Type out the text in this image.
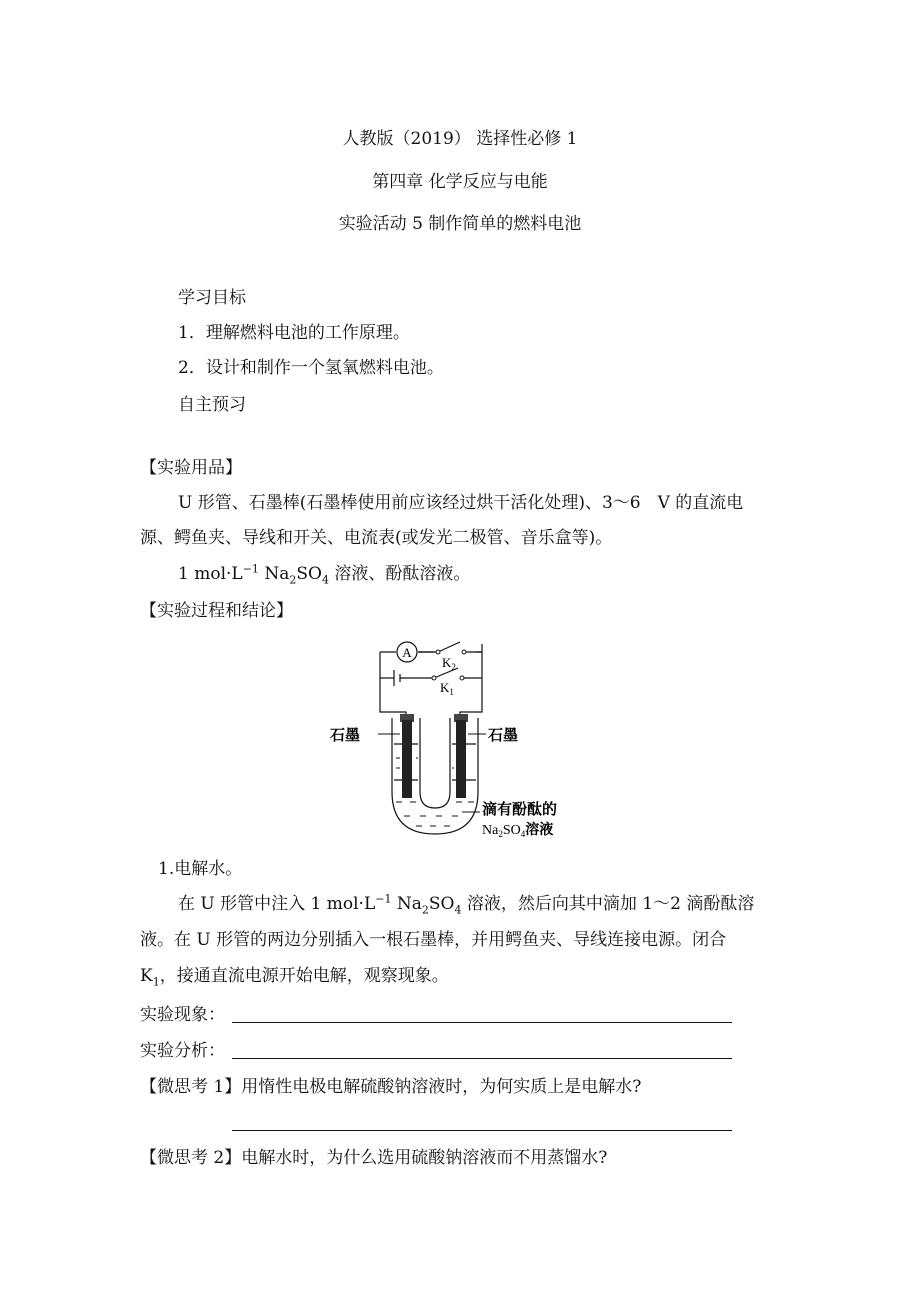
人教版（2019） 选择性必修 1
第四章 化学反应与电能
实验活动 5 制作简单的燃料电池
学习目标
1．理解燃料电池的工作原理。
2．设计和制作一个氢氧燃料电池。
自主预习
【实验用品】
U 形管、石墨棒(石墨棒使用前应该经过烘干活化处理)、3～6　V 的直流电
源、鳄鱼夹、导线和开关、电流表(或发光二极管、音乐盒等)。
1 $mol\cdot L^{-1}$ $Na_2SO_4$ 溶液、酚酞溶液。
【实验过程和结论】
A
$K_2$
$K_1$
石墨	石墨
滴有酚酞的
$Na_2SO_4$溶液
1.电解水。
在 U 形管中注入 1 $mol\cdot L^{-1}$ $Na_2SO_4$ 溶液，然后向其中滴加 1～2 滴酚酞溶
液。在 U 形管的两边分别插入一根石墨棒，并用鳄鱼夹、导线连接电源。闭合
$K_1$，接通直流电源开始电解，观察现象。
实验现象：
实验分析：
【微思考 1】用惰性电极电解硫酸钠溶液时，为何实质上是电解水?
【微思考 2】电解水时，为什么选用硫酸钠溶液而不用蒸馏水?
